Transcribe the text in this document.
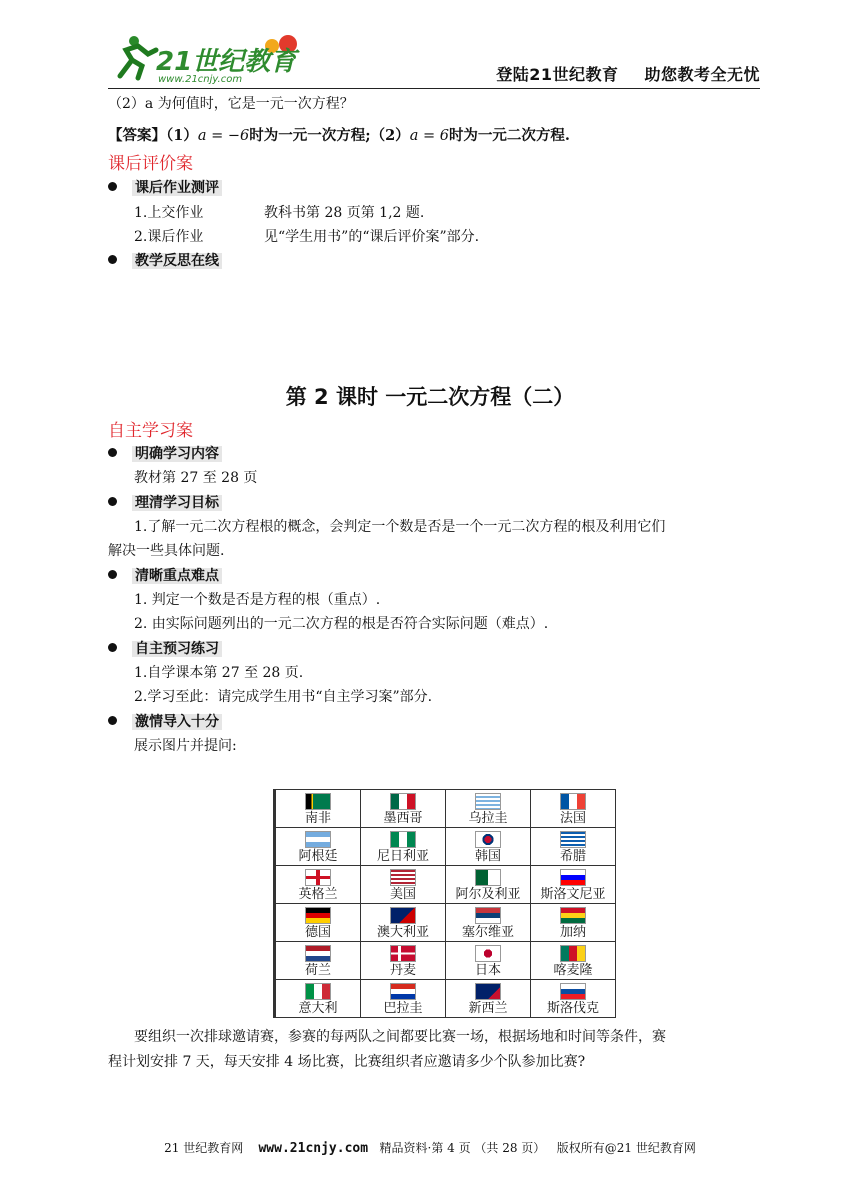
21世纪教育
www.21cnjy.com	登陆21世纪教育 助您教考全无忧
（2）a 为何值时，它是一元一次方程？
【答案】（1）a = −6时为一元一次方程;（2）a = 6时为一元二次方程.
课后评价案
课后作业测评
1.上交作业	教科书第 28 页第 1,2 题.
2.课后作业	见“学生用书”的“课后评价案”部分.
教学反思在线
第 2 课时 一元二次方程（二）
自主学习案
明确学习内容
教材第 27 至 28 页
理清学习目标
1.了解一元二次方程根的概念，会判定一个数是否是一个一元二次方程的根及利用它们
解决一些具体问题.
清晰重点难点
1. 判定一个数是否是方程的根（重点）.
2. 由实际问题列出的一元二次方程的根是否符合实际问题（难点）.
自主预习练习
1.自学课本第 27 至 28 页.
2.学习至此：请完成学生用书“自主学习案”部分.
激情导入十分
展示图片并提问:
南非	墨西哥	乌拉圭	法国

阿根廷	尼日利亚	韩国	希腊

英格兰	美国	阿尔及利亚	斯洛文尼亚

德国	澳大利亚	塞尔维亚	加纳

荷兰	丹麦	日本	喀麦隆

意大利	巴拉圭	新西兰	斯洛伐克
要组织一次排球邀请赛，参赛的每两队之间都要比赛一场，根据场地和时间等条件，赛
程计划安排 7 天，每天安排 4 场比赛，比赛组织者应邀请多少个队参加比赛?
21 世纪教育网 www.21cnjy.com 精品资料·第 4 页 （共 28 页） 版权所有@21 世纪教育网
